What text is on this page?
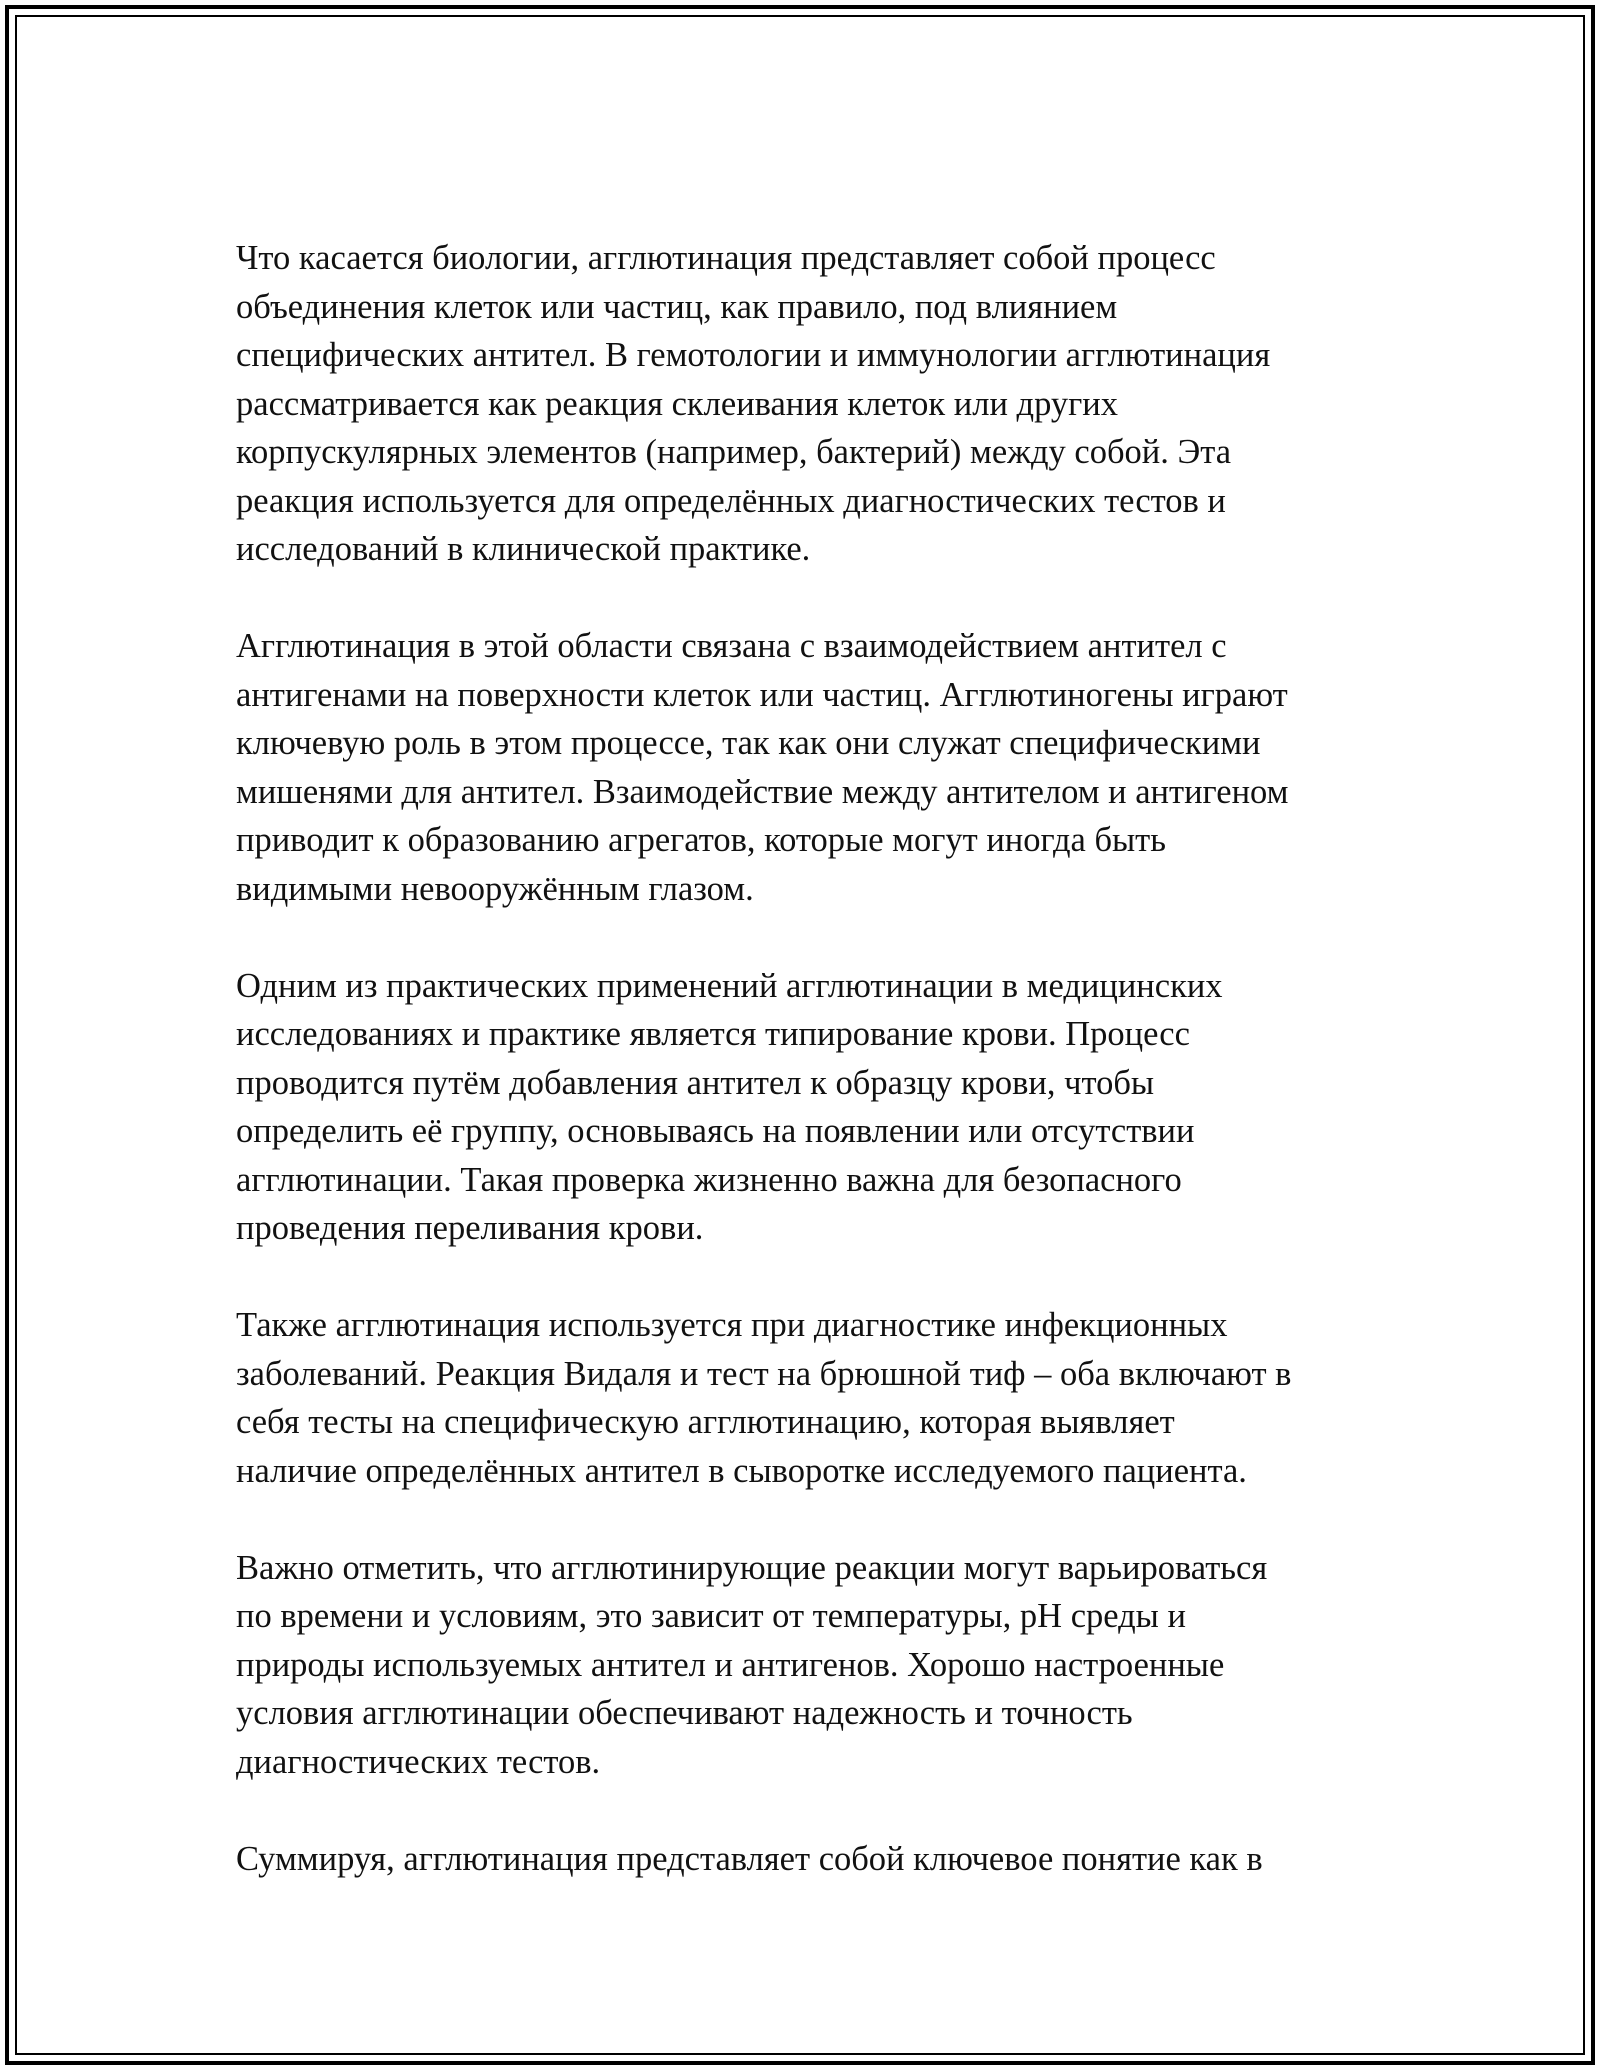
Что касается биологии, агглютинация представляет собой процесс
объединения клеток или частиц, как правило, под влиянием
специфических антител. В гемотологии и иммунологии агглютинация
рассматривается как реакция склеивания клеток или других
корпускулярных элементов (например, бактерий) между собой. Эта
реакция используется для определённых диагностических тестов и
исследований в клинической практике.

Агглютинация в этой области связана с взаимодействием антител с
антигенами на поверхности клеток или частиц. Агглютиногены играют
ключевую роль в этом процессе, так как они служат специфическими
мишенями для антител. Взаимодействие между антителом и антигеном
приводит к образованию агрегатов, которые могут иногда быть
видимыми невооружённым глазом.

Одним из практических применений агглютинации в медицинских
исследованиях и практике является типирование крови. Процесс
проводится путём добавления антител к образцу крови, чтобы
определить её группу, основываясь на появлении или отсутствии
агглютинации. Такая проверка жизненно важна для безопасного
проведения переливания крови.

Также агглютинация используется при диагностике инфекционных
заболеваний. Реакция Видаля и тест на брюшной тиф – оба включают в
себя тесты на специфическую агглютинацию, которая выявляет
наличие определённых антител в сыворотке исследуемого пациента.

Важно отметить, что агглютинирующие реакции могут варьироваться
по времени и условиям, это зависит от температуры, pH среды и
природы используемых антител и антигенов. Хорошо настроенные
условия агглютинации обеспечивают надежность и точность
диагностических тестов.

Суммируя, агглютинация представляет собой ключевое понятие как в
